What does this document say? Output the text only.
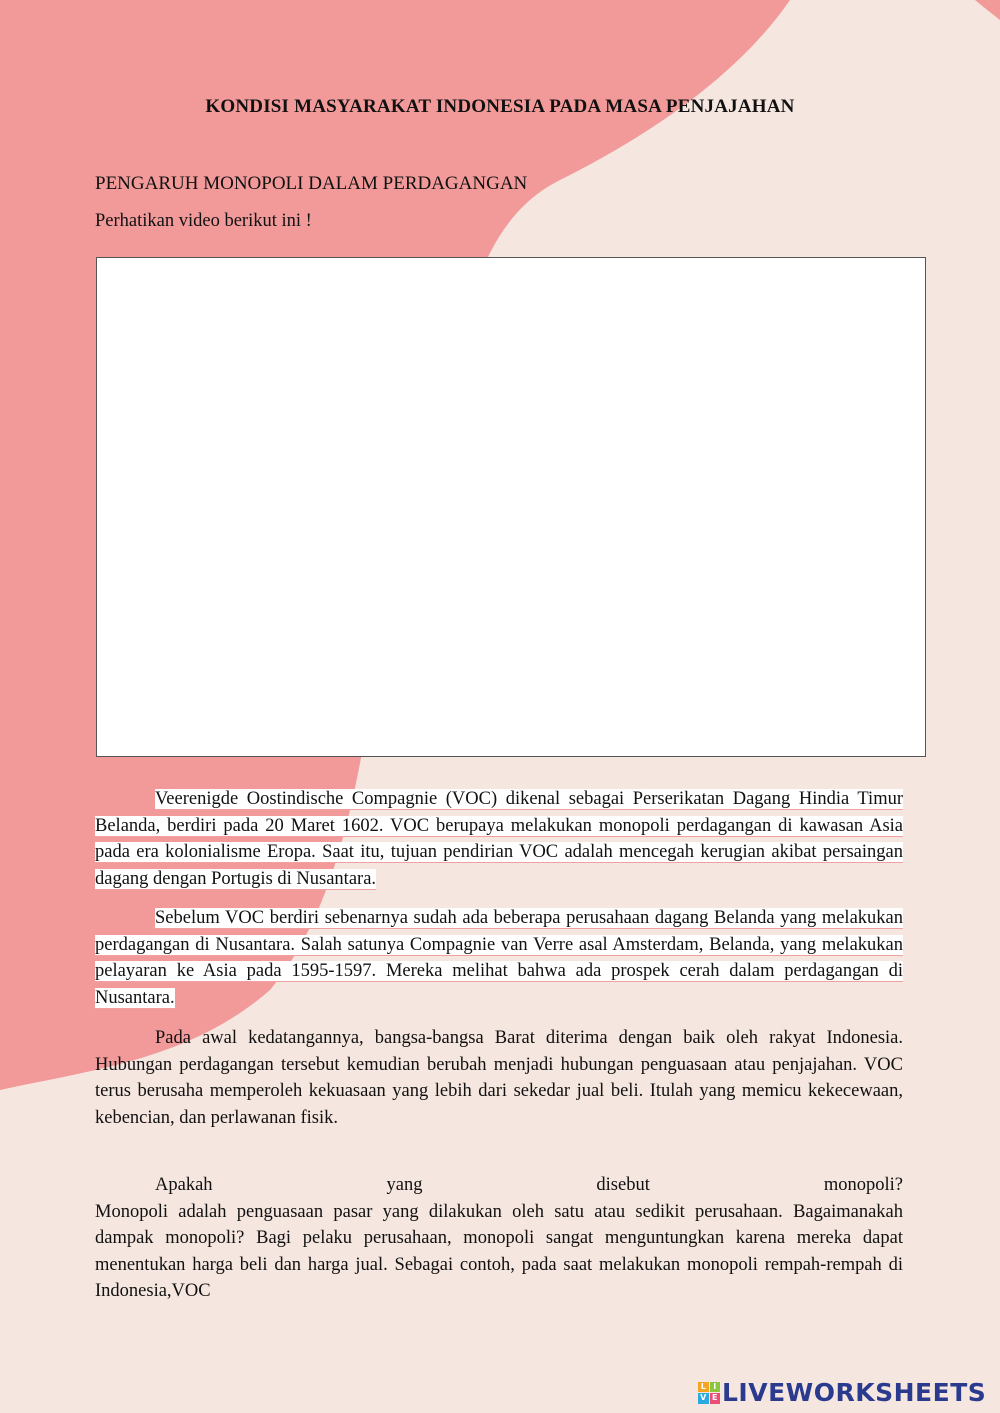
KONDISI MASYARAKAT INDONESIA PADA MASA PENJAJAHAN
PENGARUH MONOPOLI DALAM PERDAGANGAN
Perhatikan video berikut ini !

Veerenigde Oostindische Compagnie (VOC) dikenal sebagai Perserikatan Dagang Hindia Timur Belanda, berdiri pada 20 Maret 1602. VOC berupaya melakukan monopoli perdagangan di kawasan Asia pada era kolonialisme Eropa. Saat itu, tujuan pendirian VOC adalah mencegah kerugian akibat persaingan dagang dengan Portugis di Nusantara.

Sebelum VOC berdiri sebenarnya sudah ada beberapa perusahaan dagang Belanda yang melakukan perdagangan di Nusantara. Salah satunya Compagnie van Verre asal Amsterdam, Belanda, yang melakukan pelayaran ke Asia pada 1595-1597. Mereka melihat bahwa ada prospek cerah dalam perdagangan di Nusantara.

Pada awal kedatangannya, bangsa-bangsa Barat diterima dengan baik oleh rakyat Indonesia. Hubungan perdagangan tersebut kemudian berubah menjadi hubungan penguasaan atau penjajahan. VOC terus berusaha memperoleh kekuasaan yang lebih dari sekedar jual beli. Itulah yang memicu kekecewaan, kebencian, dan perlawanan fisik.

Apakah	yang	disebut	monopoli?
Monopoli adalah penguasaan pasar yang dilakukan oleh satu atau sedikit perusahaan. Bagaimanakah dampak monopoli? Bagi pelaku perusahaan, monopoli sangat menguntungkan karena mereka dapat menentukan harga beli dan harga jual. Sebagai contoh, pada saat melakukan monopoli rempah-rempah di Indonesia,VOC
L I
V E LIVEWORKSHEETS
